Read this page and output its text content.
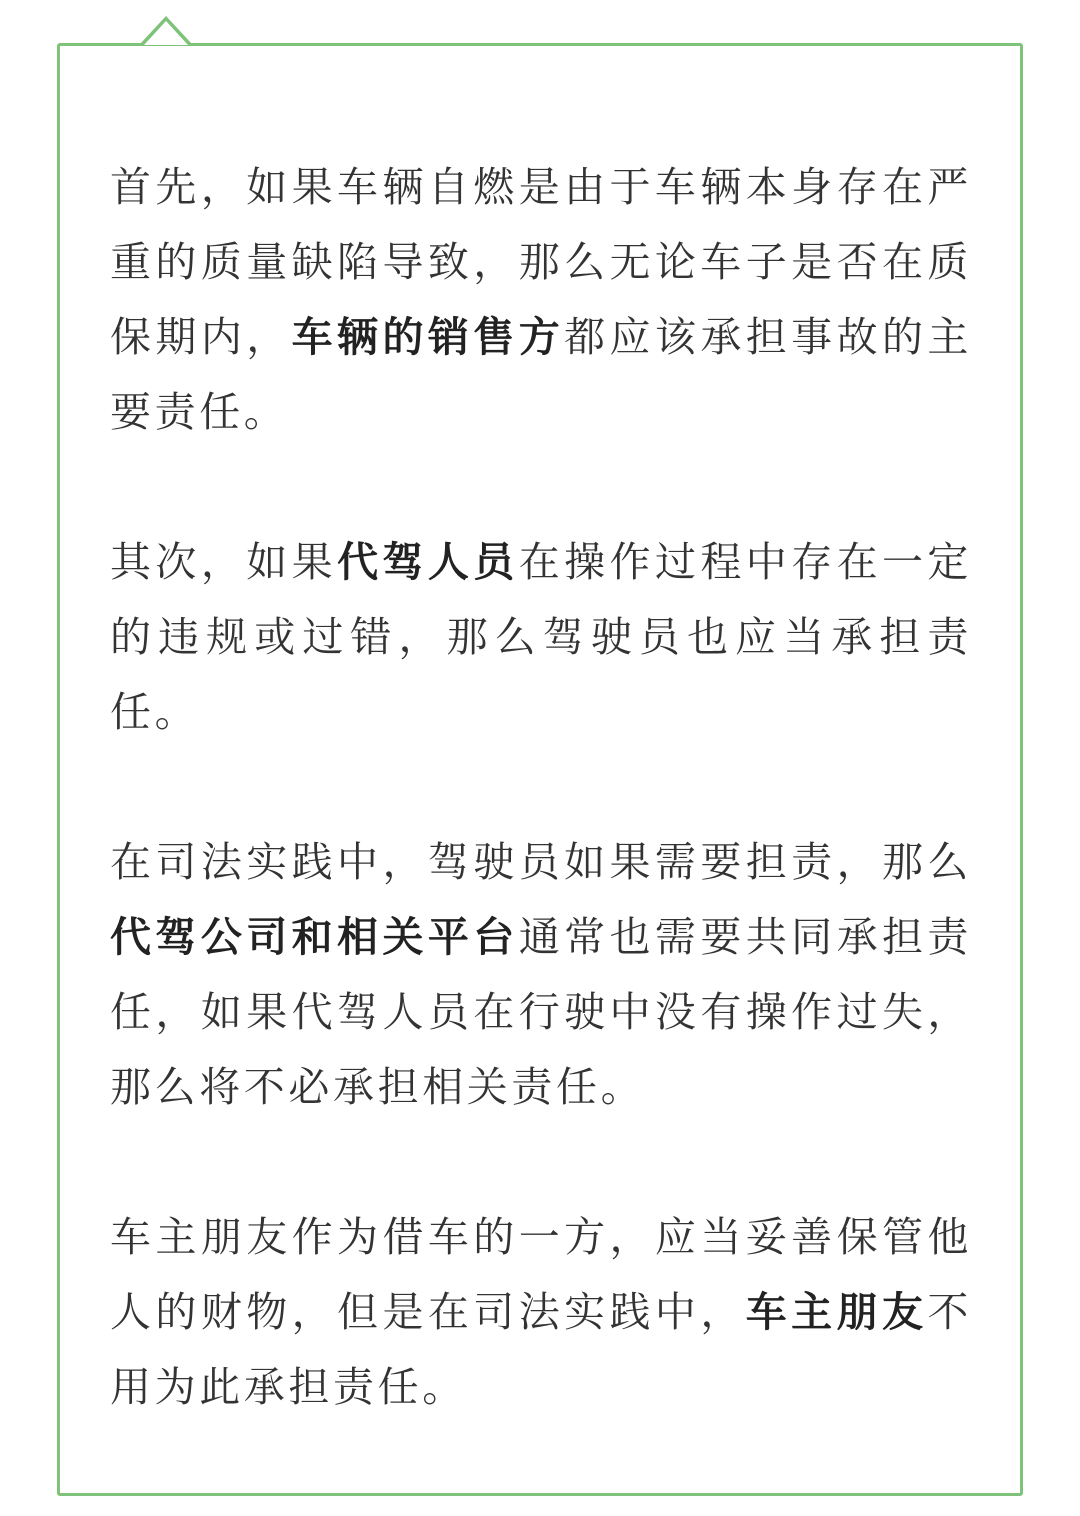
首先，如果车辆自燃是由于车辆本身存在严重的质量缺陷导致，那么无论车子是否在质保期内，车辆的销售方都应该承担事故的主要责任。

其次，如果代驾人员在操作过程中存在一定的违规或过错，那么驾驶员也应当承担责任。

在司法实践中，驾驶员如果需要担责，那么代驾公司和相关平台通常也需要共同承担责任，如果代驾人员在行驶中没有操作过失，那么将不必承担相关责任。

车主朋友作为借车的一方，应当妥善保管他人的财物，但是在司法实践中，车主朋友不用为此承担责任。
